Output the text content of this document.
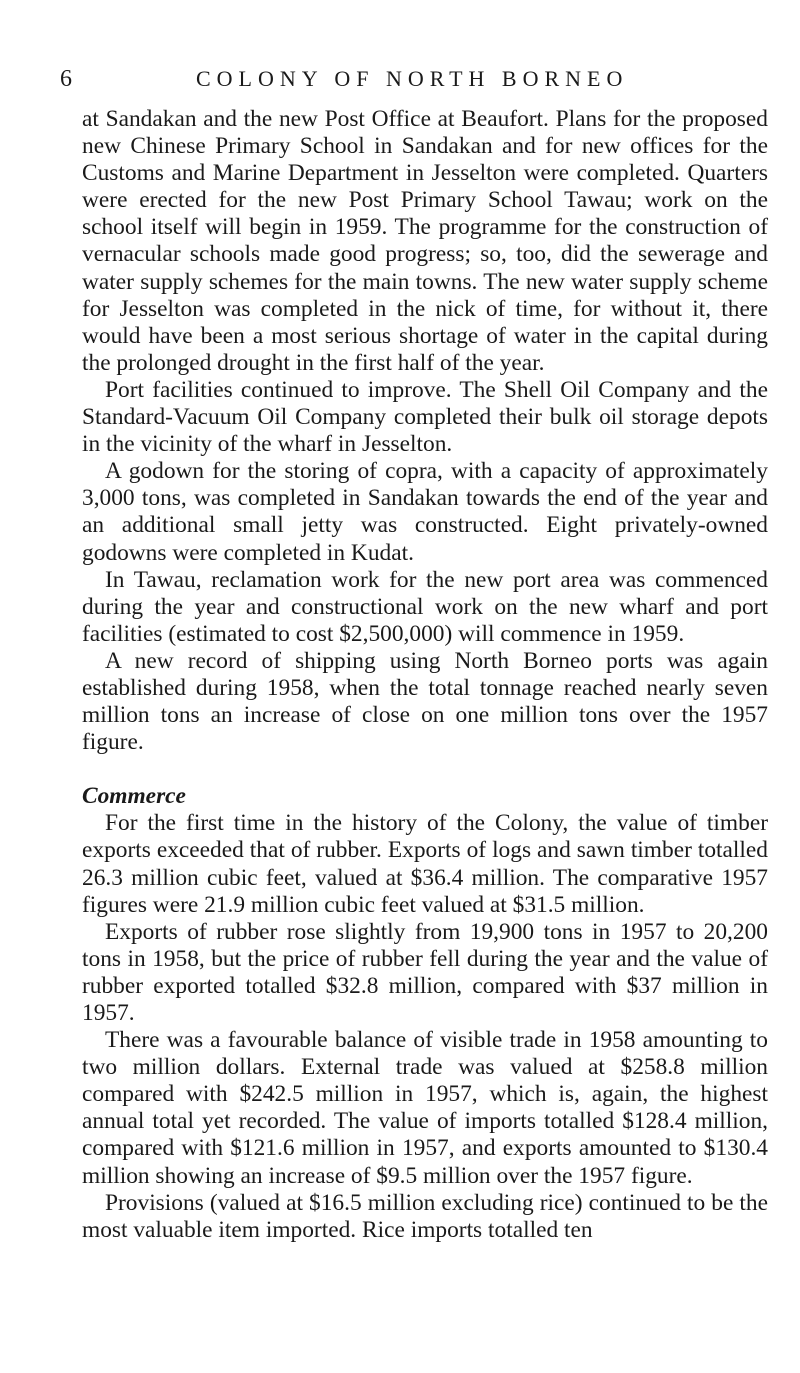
6	COLONY OF NORTH BORNEO

at Sandakan and the new Post Office at Beaufort. Plans for the proposed new Chinese Primary School in Sandakan and for new offices for the Customs and Marine Department in Jesselton were completed. Quarters were erected for the new Post Primary School Tawau; work on the school itself will begin in 1959. The programme for the construction of vernacular schools made good progress; so, too, did the sewerage and water supply schemes for the main towns. The new water supply scheme for Jesselton was completed in the nick of time, for without it, there would have been a most serious shortage of water in the capital during the prolonged drought in the first half of the year.

Port facilities continued to improve. The Shell Oil Company and the Standard-Vacuum Oil Company completed their bulk oil storage depots in the vicinity of the wharf in Jesselton.

A godown for the storing of copra, with a capacity of approximately 3,000 tons, was completed in Sandakan towards the end of the year and an additional small jetty was constructed. Eight privately-owned godowns were completed in Kudat.

In Tawau, reclamation work for the new port area was commenced during the year and constructional work on the new wharf and port facilities (estimated to cost $2,500,000) will commence in 1959.

A new record of shipping using North Borneo ports was again established during 1958, when the total tonnage reached nearly seven million tons an increase of close on one million tons over the 1957 figure.

Commerce

For the first time in the history of the Colony, the value of timber exports exceeded that of rubber. Exports of logs and sawn timber totalled 26.3 million cubic feet, valued at $36.4 million. The comparative 1957 figures were 21.9 million cubic feet valued at $31.5 million.

Exports of rubber rose slightly from 19,900 tons in 1957 to 20,200 tons in 1958, but the price of rubber fell during the year and the value of rubber exported totalled $32.8 million, compared with $37 million in 1957.

There was a favourable balance of visible trade in 1958 amounting to two million dollars. External trade was valued at $258.8 million compared with $242.5 million in 1957, which is, again, the highest annual total yet recorded. The value of imports totalled $128.4 million, compared with $121.6 million in 1957, and exports amounted to $130.4 million showing an increase of $9.5 million over the 1957 figure.

Provisions (valued at $16.5 million excluding rice) continued to be the most valuable item imported. Rice imports totalled ten
